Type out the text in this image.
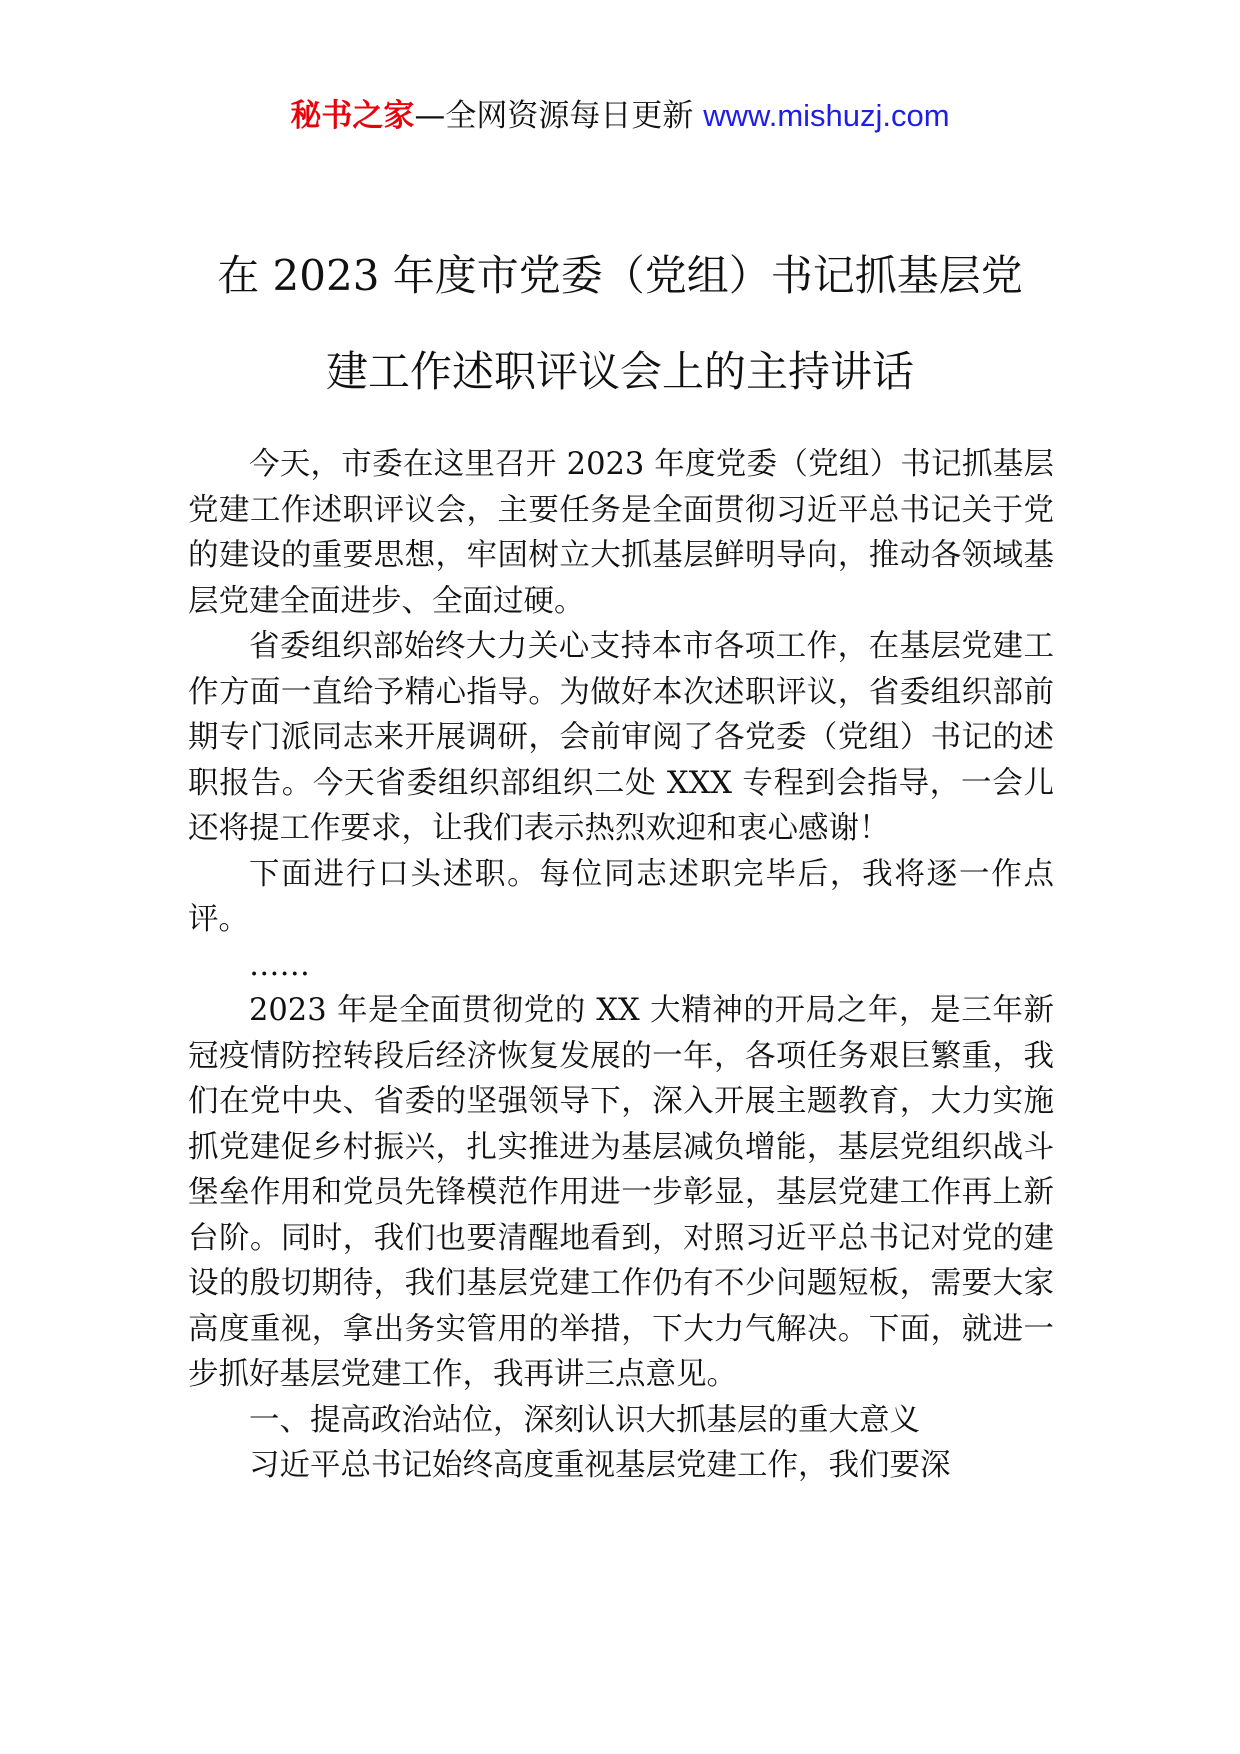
秘书之家—全网资源每日更新 www.mishuzj.com
在 2023 年度市党委（党组）书记抓基层党
建工作述职评议会上的主持讲话

今天，市委在这里召开 2023 年度党委（党组）书记抓基层党建工作述职评议会，主要任务是全面贯彻习近平总书记关于党的建设的重要思想，牢固树立大抓基层鲜明导向，推动各领域基层党建全面进步、全面过硬。

省委组织部始终大力关心支持本市各项工作，在基层党建工作方面一直给予精心指导。为做好本次述职评议，省委组织部前期专门派同志来开展调研，会前审阅了各党委（党组）书记的述职报告。今天省委组织部组织二处 XXX 专程到会指导，一会儿还将提工作要求，让我们表示热烈欢迎和衷心感谢！

下面进行口头述职。每位同志述职完毕后，我将逐一作点评。

……

2023 年是全面贯彻党的 XX 大精神的开局之年，是三年新冠疫情防控转段后经济恢复发展的一年，各项任务艰巨繁重，我们在党中央、省委的坚强领导下，深入开展主题教育，大力实施抓党建促乡村振兴，扎实推进为基层减负增能，基层党组织战斗堡垒作用和党员先锋模范作用进一步彰显，基层党建工作再上新台阶。同时，我们也要清醒地看到，对照习近平总书记对党的建设的殷切期待，我们基层党建工作仍有不少问题短板，需要大家高度重视，拿出务实管用的举措，下大力气解决。下面，就进一步抓好基层党建工作，我再讲三点意见。

一、提高政治站位，深刻认识大抓基层的重大意义

习近平总书记始终高度重视基层党建工作，我们要深
